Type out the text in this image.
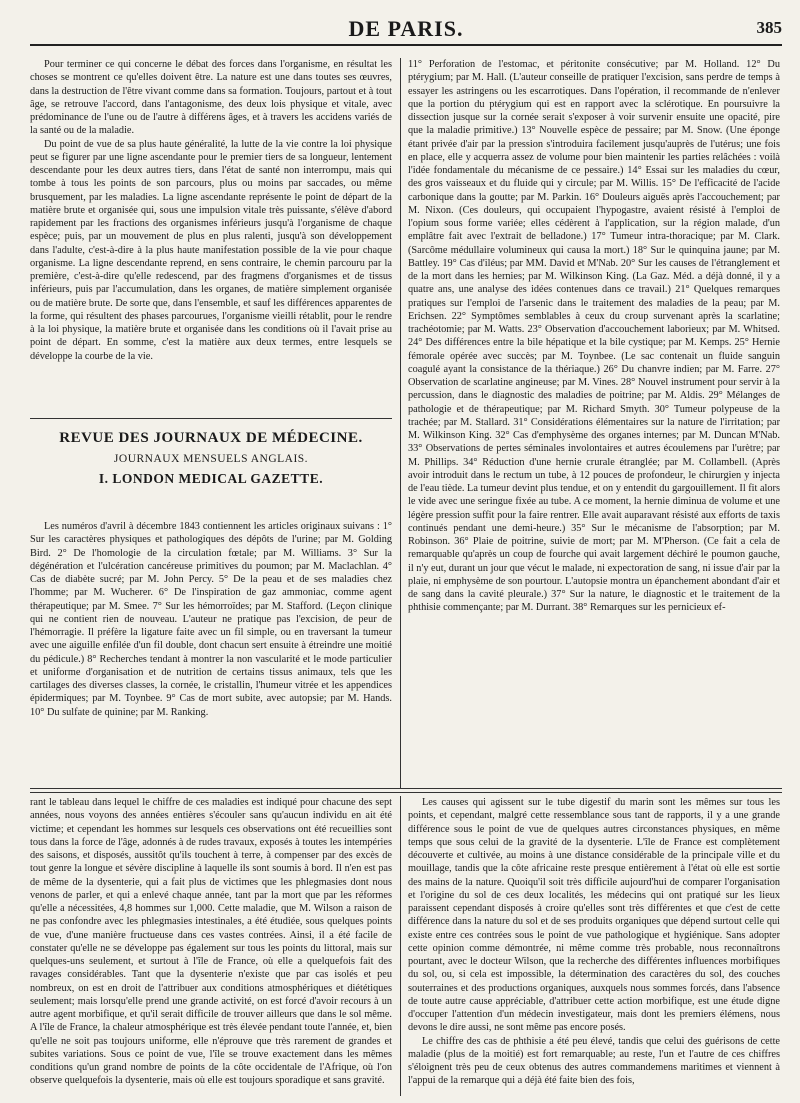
DE PARIS.	385

Pour terminer ce qui concerne le débat des forces dans l'organisme, en résultat les choses se montrent ce qu'elles doivent être. La nature est une dans toutes ses œuvres, dans la destruction de l'être vivant comme dans sa formation. Toujours, partout et à tout âge, se retrouve l'accord, dans l'antagonisme, des deux lois physique et vitale, avec prédominance de l'une ou de l'autre à différens âges, et à travers les accidens variés de la santé ou de la maladie.

Du point de vue de sa plus haute généralité, la lutte de la vie contre la loi physique peut se figurer par une ligne ascendante pour le premier tiers de sa longueur, lentement descendante pour les deux autres tiers, dans l'état de santé non interrompu, mais qui tombe à tous les points de son parcours, plus ou moins par saccades, ou même brusquement, par les maladies. La ligne ascendante représente le point de départ de la matière brute et organisée qui, sous une impulsion vitale très puissante, s'élève d'abord rapidement par les fractions des organismes inférieurs jusqu'à l'organisme de chaque espèce; puis, par un mouvement de plus en plus ralenti, jusqu'à son développement dans l'adulte, c'est-à-dire à la plus haute manifestation possible de la vie pour chaque organisme. La ligne descendante reprend, en sens contraire, le chemin parcouru par la première, c'est-à-dire qu'elle redescend, par des fragmens d'organismes et de tissus inférieurs, puis par l'accumulation, dans les organes, de matière simplement organisée ou de matière brute. De sorte que, dans l'ensemble, et sauf les différences apparentes de la forme, qui résultent des phases parcourues, l'organisme vieilli rétablit, pour le rendre à la loi physique, la matière brute et organisée dans les conditions où il l'avait prise au point de départ. En somme, c'est la matière aux deux termes, entre lesquels se développe la courbe de la vie.

REVUE DES JOURNAUX DE MÉDECINE.
JOURNAUX MENSUELS ANGLAIS.
I. LONDON MEDICAL GAZETTE.

Les numéros d'avril à décembre 1843 contiennent les articles originaux suivans : 1° Sur les caractères physiques et pathologiques des dépôts de l'urine; par M. Golding Bird. 2° De l'homologie de la circulation fœtale; par M. Williams. 3° Sur la dégénération et l'ulcération cancéreuse primitives du poumon; par M. Maclachlan. 4° Cas de diabète sucré; par M. John Percy. 5° De la peau et de ses maladies chez l'homme; par M. Wucherer. 6° De l'inspiration de gaz ammoniac, comme agent thérapeutique; par M. Smee. 7° Sur les hémorroïdes; par M. Stafford. (Leçon clinique qui ne contient rien de nouveau. L'auteur ne pratique pas l'excision, de peur de l'hémorragie. Il préfère la ligature faite avec un fil simple, ou en traversant la tumeur avec une aiguille enfilée d'un fil double, dont chacun sert ensuite à étreindre une moitié du pédicule.) 8° Recherches tendant à montrer la non vascularité et le mode particulier et uniforme d'organisation et de nutrition de certains tissus animaux, tels que les cartilages des diverses classes, la cornée, le cristallin, l'humeur vitrée et les appendices épidermiques; par M. Toynbee. 9° Cas de mort subite, avec autopsie; par M. Hands. 10° Du sulfate de quinine; par M. Ranking.

11° Perforation de l'estomac, et péritonite consécutive; par M. Holland. 12° Du ptérygium; par M. Hall. (L'auteur conseille de pratiquer l'excision, sans perdre de temps à essayer les astringens ou les escarrotiques. Dans l'opération, il recommande de n'enlever que la portion du ptérygium qui est en rapport avec la sclérotique. En poursuivre la dissection jusque sur la cornée serait s'exposer à voir survenir ensuite une opacité, pire que la maladie primitive.) 13° Nouvelle espèce de pessaire; par M. Snow. (Une éponge étant privée d'air par la pression s'introduira facilement jusqu'auprès de l'utérus; une fois en place, elle y acquerra assez de volume pour bien maintenir les parties relâchées : voilà l'idée fondamentale du mécanisme de ce pessaire.) 14° Essai sur les maladies du cœur, des gros vaisseaux et du fluide qui y circule; par M. Willis. 15° De l'efficacité de l'acide carbonique dans la goutte; par M. Parkin. 16° Douleurs aiguës après l'accouchement; par M. Nixon. (Ces douleurs, qui occupaient l'hypogastre, avaient résisté à l'emploi de l'opium sous forme variée; elles cédèrent à l'application, sur la région malade, d'un emplâtre fait avec l'extrait de belladone.) 17° Tumeur intra-thoracique; par M. Clark. (Sarcôme médullaire volumineux qui causa la mort.) 18° Sur le quinquina jaune; par M. Battley. 19° Cas d'iléus; par MM. David et M'Nab. 20° Sur les causes de l'étranglement et de la mort dans les hernies; par M. Wilkinson King. (La Gaz. Méd. a déjà donné, il y a quatre ans, une analyse des idées contenues dans ce travail.) 21° Quelques remarques pratiques sur l'emploi de l'arsenic dans le traitement des maladies de la peau; par M. Erichsen. 22° Symptômes semblables à ceux du croup survenant après la scarlatine; trachéotomie; par M. Watts. 23° Observation d'accouchement laborieux; par M. Whitsed. 24° Des différences entre la bile hépatique et la bile cystique; par M. Kemps. 25° Hernie fémorale opérée avec succès; par M. Toynbee. (Le sac contenait un fluide sanguin coagulé ayant la consistance de la thériaque.) 26° Du chanvre indien; par M. Farre. 27° Observation de scarlatine angineuse; par M. Vines. 28° Nouvel instrument pour servir à la percussion, dans le diagnostic des maladies de poitrine; par M. Aldis. 29° Mélanges de pathologie et de thérapeutique; par M. Richard Smyth. 30° Tumeur polypeuse de la trachée; par M. Stallard. 31° Considérations élémentaires sur la nature de l'irritation; par M. Wilkinson King. 32° Cas d'emphysème des organes internes; par M. Duncan M'Nab. 33° Observations de pertes séminales involontaires et autres écoulemens par l'urètre; par M. Phillips. 34° Réduction d'une hernie crurale étranglée; par M. Collambell. (Après avoir introduit dans le rectum un tube, à 12 pouces de profondeur, le chirurgien y injecta de l'eau tiède. La tumeur devint plus tendue, et on y entendit du gargouillement. Il fit alors le vide avec une seringue fixée au tube. A ce moment, la hernie diminua de volume et une légère pression suffit pour la faire rentrer. Elle avait auparavant résisté aux efforts de taxis continués pendant une demi-heure.) 35° Sur le mécanisme de l'absorption; par M. Robinson. 36° Plaie de poitrine, suivie de mort; par M. M'Pherson. (Ce fait a cela de remarquable qu'après un coup de fourche qui avait largement déchiré le poumon gauche, il n'y eut, durant un jour que vécut le malade, ni expectoration de sang, ni issue d'air par la plaie, ni emphysème de son pourtour. L'autopsie montra un épanchement abondant d'air et de sang dans la cavité pleurale.) 37° Sur la nature, le diagnostic et le traitement de la phthisie commençante; par M. Durrant. 38° Remarques sur les pernicieux ef-

rant le tableau dans lequel le chiffre de ces maladies est indiqué pour chacune des sept années, nous voyons des années entières s'écouler sans qu'aucun individu en ait été victime; et cependant les hommes sur lesquels ces observations ont été recueillies sont tous dans la force de l'âge, adonnés à de rudes travaux, exposés à toutes les intempéries des saisons, et disposés, aussitôt qu'ils touchent à terre, à compenser par des excès de tout genre la longue et sévère discipline à laquelle ils sont soumis à bord. Il n'en est pas de même de la dysenterie, qui a fait plus de victimes que les phlegmasies dont nous venons de parler, et qui a enlevé chaque année, tant par la mort que par les réformes qu'elle a nécessitées, 4,8 hommes sur 1,000. Cette maladie, que M. Wilson a raison de ne pas confondre avec les phlegmasies intestinales, a été étudiée, sous quelques points de vue, d'une manière fructueuse dans ces vastes contrées. Ainsi, il a été facile de constater qu'elle ne se développe pas également sur tous les points du littoral, mais sur quelques-uns seulement, et surtout à l'île de France, où elle a quelquefois fait des ravages considérables. Tant que la dysenterie n'existe que par cas isolés et peu nombreux, on est en droit de l'attribuer aux conditions atmosphériques et diététiques seulement; mais lorsqu'elle prend une grande activité, on est forcé d'avoir recours à un autre agent morbifique, et qu'il serait difficile de trouver ailleurs que dans le sol même. A l'île de France, la chaleur atmosphérique est très élevée pendant toute l'année, et, bien qu'elle ne soit pas toujours uniforme, elle n'éprouve que très rarement de grandes et subites variations. Sous ce point de vue, l'île se trouve exactement dans les mêmes conditions qu'un grand nombre de points de la côte occidentale de l'Afrique, où l'on observe quelquefois la dysenterie, mais où elle est toujours sporadique et sans gravité.

Les causes qui agissent sur le tube digestif du marin sont les mêmes sur tous les points, et cependant, malgré cette ressemblance sous tant de rapports, il y a une grande différence sous le point de vue de quelques autres circonstances physiques, en même temps que sous celui de la gravité de la dysenterie. L'île de France est complètement découverte et cultivée, au moins à une distance considérable de la principale ville et du mouillage, tandis que la côte africaine reste presque entièrement à l'état où elle est sortie des mains de la nature. Quoiqu'il soit très difficile aujourd'hui de comparer l'organisation et l'origine du sol de ces deux localités, les médecins qui ont pratiqué sur les lieux paraissent cependant disposés à croire qu'elles sont très différentes et que c'est de cette différence dans la nature du sol et de ses produits organiques que dépend surtout celle qui existe entre ces contrées sous le point de vue pathologique et hygiénique. Sans adopter cette opinion comme démontrée, ni même comme très probable, nous reconnaîtrons pourtant, avec le docteur Wilson, que la recherche des différentes influences morbifiques du sol, ou, si cela est impossible, la détermination des caractères du sol, des couches souterraines et des productions organiques, auxquels nous sommes forcés, dans l'absence de toute autre cause appréciable, d'attribuer cette action morbifique, est une étude digne d'occuper l'attention d'un médecin investigateur, mais dont les premiers élémens, nous devons le dire aussi, ne sont même pas encore posés.

Le chiffre des cas de phthisie a été peu élevé, tandis que celui des guérisons de cette maladie (plus de la moitié) est fort remarquable; au reste, l'un et l'autre de ces chiffres s'éloignent très peu de ceux obtenus des autres commandemens maritimes et viennent à l'appui de la remarque qui a déjà été faite bien des fois,
